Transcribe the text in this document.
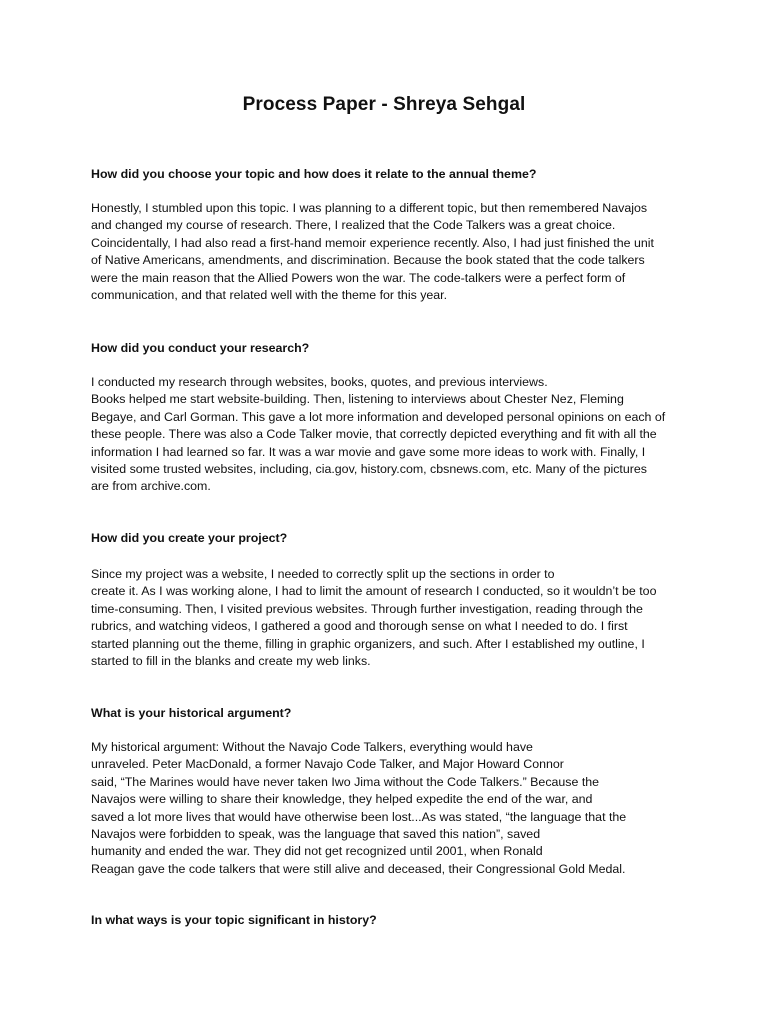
Process Paper - Shreya Sehgal
How did you choose your topic and how does it relate to the annual theme?
Honestly, I stumbled upon this topic. I was planning to a different topic, but then remembered Navajos
and changed my course of research. There, I realized that the Code Talkers was a great choice.
Coincidentally, I had also read a first-hand memoir experience recently. Also, I had just finished the unit
of Native Americans, amendments, and discrimination. Because the book stated that the code talkers
were the main reason that the Allied Powers won the war. The code-talkers were a perfect form of
communication, and that related well with the theme for this year.
How did you conduct your research?
I conducted my research through websites, books, quotes, and previous interviews.
Books helped me start website-building. Then, listening to interviews about Chester Nez, Fleming
Begaye, and Carl Gorman. This gave a lot more information and developed personal opinions on each of
these people. There was also a Code Talker movie, that correctly depicted everything and fit with all the
information I had learned so far. It was a war movie and gave some more ideas to work with. Finally, I
visited some trusted websites, including, cia.gov, history.com, cbsnews.com, etc. Many of the pictures
are from archive.com.
How did you create your project?
Since my project was a website, I needed to correctly split up the sections in order to
create it. As I was working alone, I had to limit the amount of research I conducted, so it wouldn’t be too
time-consuming. Then, I visited previous websites. Through further investigation, reading through the
rubrics, and watching videos, I gathered a good and thorough sense on what I needed to do. I first
started planning out the theme, filling in graphic organizers, and such. After I established my outline, I
started to fill in the blanks and create my web links.
What is your historical argument?
My historical argument: Without the Navajo Code Talkers, everything would have
unraveled. Peter MacDonald, a former Navajo Code Talker, and Major Howard Connor
said, “The Marines would have never taken Iwo Jima without the Code Talkers.” Because the
Navajos were willing to share their knowledge, they helped expedite the end of the war, and
saved a lot more lives that would have otherwise been lost...As was stated, “the language that the
Navajos were forbidden to speak, was the language that saved this nation”, saved
humanity and ended the war. They did not get recognized until 2001, when Ronald
Reagan gave the code talkers that were still alive and deceased, their Congressional Gold Medal.
In what ways is your topic significant in history?
